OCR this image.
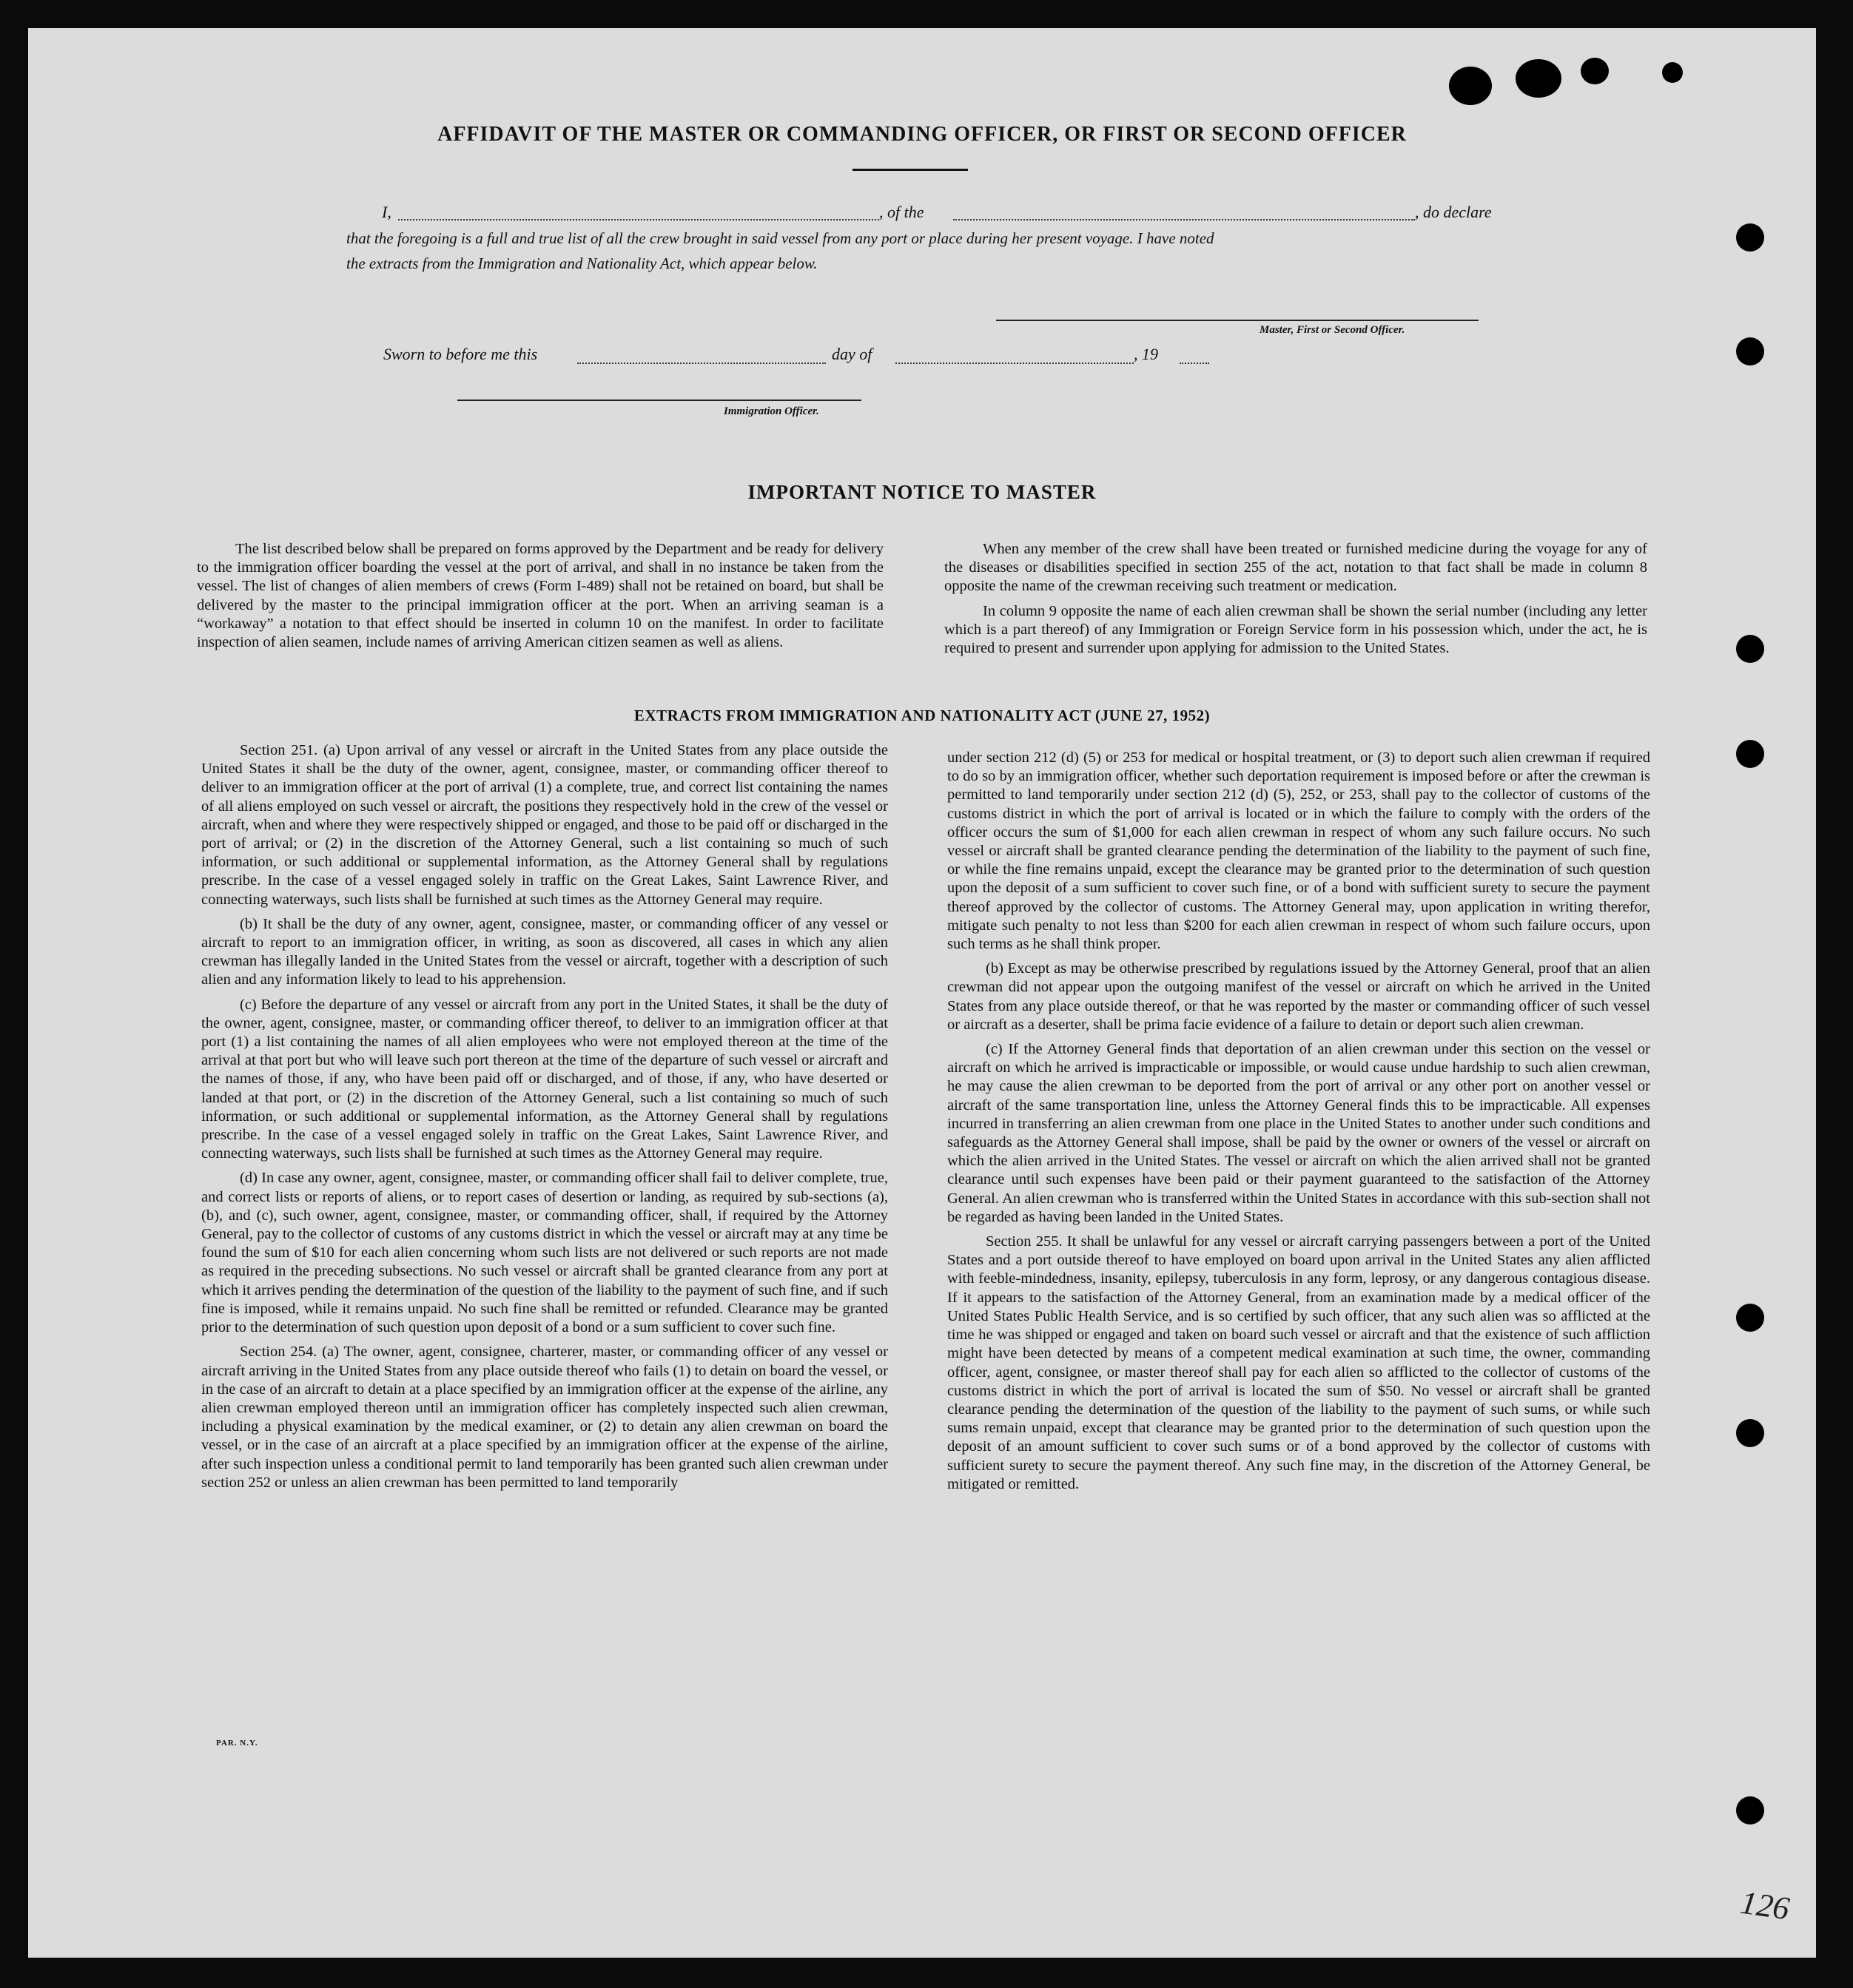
AFFIDAVIT OF THE MASTER OR COMMANDING OFFICER, OR FIRST OR SECOND OFFICER
I,	, of the	, do declare
that the foregoing is a full and true list of all the crew brought in said vessel from any port or place during her present voyage. I have noted
the extracts from the Immigration and Nationality Act, which appear below.
Master, First or Second Officer.
Sworn to before me this	day of	, 19
Immigration Officer.
IMPORTANT NOTICE TO MASTER

The list described below shall be prepared on forms approved by the Department and be ready for delivery to the immigration officer boarding the vessel at the port of arrival, and shall in no instance be taken from the vessel. The list of changes of alien members of crews (Form I-489) shall not be retained on board, but shall be delivered by the master to the principal immigration officer at the port. When an arriving seaman is a “workaway” a notation to that effect should be inserted in column 10 on the manifest. In order to facilitate inspection of alien seamen, include names of arriving American citizen seamen as well as aliens.

When any member of the crew shall have been treated or furnished medicine during the voyage for any of the diseases or disabilities specified in section 255 of the act, notation to that fact shall be made in column 8 opposite the name of the crewman receiving such treatment or medication.

In column 9 opposite the name of each alien crewman shall be shown the serial number (including any letter which is a part thereof) of any Immigration or Foreign Service form in his possession which, under the act, he is required to present and surrender upon applying for admission to the United States.

EXTRACTS FROM IMMIGRATION AND NATIONALITY ACT (JUNE 27, 1952)

Section 251. (a) Upon arrival of any vessel or aircraft in the United States from any place outside the United States it shall be the duty of the owner, agent, consignee, master, or commanding officer thereof to deliver to an immigration officer at the port of arrival (1) a complete, true, and correct list containing the names of all aliens employed on such vessel or aircraft, the positions they respectively hold in the crew of the vessel or aircraft, when and where they were respectively shipped or engaged, and those to be paid off or discharged in the port of arrival; or (2) in the discretion of the Attorney General, such a list containing so much of such information, or such additional or supplemental information, as the Attorney General shall by regulations prescribe. In the case of a vessel engaged solely in traffic on the Great Lakes, Saint Lawrence River, and connecting waterways, such lists shall be furnished at such times as the Attorney General may require.

(b) It shall be the duty of any owner, agent, consignee, master, or commanding officer of any vessel or aircraft to report to an immigration officer, in writing, as soon as discovered, all cases in which any alien crewman has illegally landed in the United States from the vessel or aircraft, together with a description of such alien and any information likely to lead to his apprehension.

(c) Before the departure of any vessel or aircraft from any port in the United States, it shall be the duty of the owner, agent, consignee, master, or commanding officer thereof, to deliver to an immigration officer at that port (1) a list containing the names of all alien employees who were not employed thereon at the time of the arrival at that port but who will leave such port thereon at the time of the departure of such vessel or aircraft and the names of those, if any, who have been paid off or discharged, and of those, if any, who have deserted or landed at that port, or (2) in the discretion of the Attorney General, such a list containing so much of such information, or such additional or supplemental information, as the Attorney General shall by regulations prescribe. In the case of a vessel engaged solely in traffic on the Great Lakes, Saint Lawrence River, and connecting waterways, such lists shall be furnished at such times as the Attorney General may require.

(d) In case any owner, agent, consignee, master, or commanding officer shall fail to deliver complete, true, and correct lists or reports of aliens, or to report cases of desertion or landing, as required by sub-sections (a), (b), and (c), such owner, agent, consignee, master, or commanding officer, shall, if required by the Attorney General, pay to the collector of customs of any customs district in which the vessel or aircraft may at any time be found the sum of $10 for each alien concerning whom such lists are not delivered or such reports are not made as required in the preceding subsections. No such vessel or aircraft shall be granted clearance from any port at which it arrives pending the determination of the question of the liability to the payment of such fine, and if such fine is imposed, while it remains unpaid. No such fine shall be remitted or refunded. Clearance may be granted prior to the determination of such question upon deposit of a bond or a sum sufficient to cover such fine.

Section 254. (a) The owner, agent, consignee, charterer, master, or commanding officer of any vessel or aircraft arriving in the United States from any place outside thereof who fails (1) to detain on board the vessel, or in the case of an aircraft to detain at a place specified by an immigration officer at the expense of the airline, any alien crewman employed thereon until an immigration officer has completely inspected such alien crewman, including a physical examination by the medical examiner, or (2) to detain any alien crewman on board the vessel, or in the case of an aircraft at a place specified by an immigration officer at the expense of the airline, after such inspection unless a conditional permit to land temporarily has been granted such alien crewman under section 252 or unless an alien crewman has been permitted to land temporarily

under section 212 (d) (5) or 253 for medical or hospital treatment, or (3) to deport such alien crewman if required to do so by an immigration officer, whether such deportation requirement is imposed before or after the crewman is permitted to land temporarily under section 212 (d) (5), 252, or 253, shall pay to the collector of customs of the customs district in which the port of arrival is located or in which the failure to comply with the orders of the officer occurs the sum of $1,000 for each alien crewman in respect of whom any such failure occurs. No such vessel or aircraft shall be granted clearance pending the determination of the liability to the payment of such fine, or while the fine remains unpaid, except the clearance may be granted prior to the determination of such question upon the deposit of a sum sufficient to cover such fine, or of a bond with sufficient surety to secure the payment thereof approved by the collector of customs. The Attorney General may, upon application in writing therefor, mitigate such penalty to not less than $200 for each alien crewman in respect of whom such failure occurs, upon such terms as he shall think proper.

(b) Except as may be otherwise prescribed by regulations issued by the Attorney General, proof that an alien crewman did not appear upon the outgoing manifest of the vessel or aircraft on which he arrived in the United States from any place outside thereof, or that he was reported by the master or commanding officer of such vessel or aircraft as a deserter, shall be prima facie evidence of a failure to detain or deport such alien crewman.

(c) If the Attorney General finds that deportation of an alien crewman under this section on the vessel or aircraft on which he arrived is impracticable or impossible, or would cause undue hardship to such alien crewman, he may cause the alien crewman to be deported from the port of arrival or any other port on another vessel or aircraft of the same transportation line, unless the Attorney General finds this to be impracticable. All expenses incurred in transferring an alien crewman from one place in the United States to another under such conditions and safeguards as the Attorney General shall impose, shall be paid by the owner or owners of the vessel or aircraft on which the alien arrived in the United States. The vessel or aircraft on which the alien arrived shall not be granted clearance until such expenses have been paid or their payment guaranteed to the satisfaction of the Attorney General. An alien crewman who is transferred within the United States in accordance with this sub-section shall not be regarded as having been landed in the United States.

Section 255. It shall be unlawful for any vessel or aircraft carrying passengers between a port of the United States and a port outside thereof to have employed on board upon arrival in the United States any alien afflicted with feeble-mindedness, insanity, epilepsy, tuberculosis in any form, leprosy, or any dangerous contagious disease. If it appears to the satisfaction of the Attorney General, from an examination made by a medical officer of the United States Public Health Service, and is so certified by such officer, that any such alien was so afflicted at the time he was shipped or engaged and taken on board such vessel or aircraft and that the existence of such affliction might have been detected by means of a competent medical examination at such time, the owner, commanding officer, agent, consignee, or master thereof shall pay for each alien so afflicted to the collector of customs of the customs district in which the port of arrival is located the sum of $50. No vessel or aircraft shall be granted clearance pending the determination of the question of the liability to the payment of such sums, or while such sums remain unpaid, except that clearance may be granted prior to the determination of such question upon the deposit of an amount sufficient to cover such sums or of a bond approved by the collector of customs with sufficient surety to secure the payment thereof. Any such fine may, in the discretion of the Attorney General, be mitigated or remitted.

PAR. N.Y.
126
